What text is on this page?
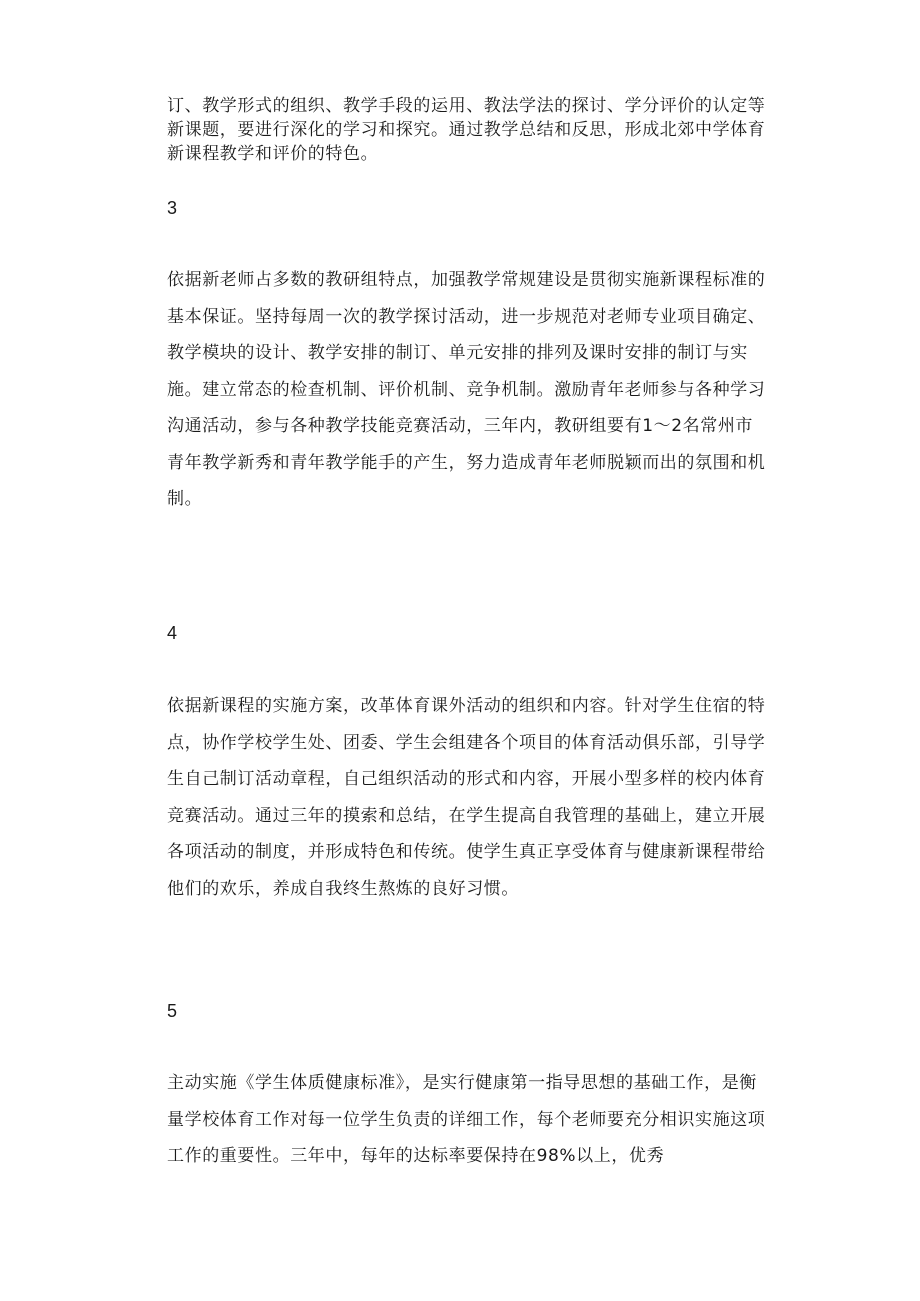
订、教学形式的组织、教学手段的运用、教法学法的探讨、学分评价的认定等新课题，要进行深化的学习和探究。通过教学总结和反思，形成北郊中学体育新课程教学和评价的特色。

3

依据新老师占多数的教研组特点，加强教学常规建设是贯彻实施新课程标准的基本保证。坚持每周一次的教学探讨活动，进一步规范对老师专业项目确定、教学模块的设计、教学安排的制订、单元安排的排列及课时安排的制订与实施。建立常态的检查机制、评价机制、竞争机制。激励青年老师参与各种学习沟通活动，参与各种教学技能竞赛活动，三年内，教研组要有1～2名常州市青年教学新秀和青年教学能手的产生，努力造成青年老师脱颖而出的氛围和机制。

4

依据新课程的实施方案，改革体育课外活动的组织和内容。针对学生住宿的特点，协作学校学生处、团委、学生会组建各个项目的体育活动俱乐部，引导学生自己制订活动章程，自己组织活动的形式和内容，开展小型多样的校内体育竞赛活动。通过三年的摸索和总结，在学生提高自我管理的基础上，建立开展各项活动的制度，并形成特色和传统。使学生真正享受体育与健康新课程带给他们的欢乐，养成自我终生熬炼的良好习惯。

5

主动实施《学生体质健康标准》，是实行健康第一指导思想的基础工作，是衡量学校体育工作对每一位学生负责的详细工作，每个老师要充分相识实施这项工作的重要性。三年中，每年的达标率要保持在98%以上，优秀
